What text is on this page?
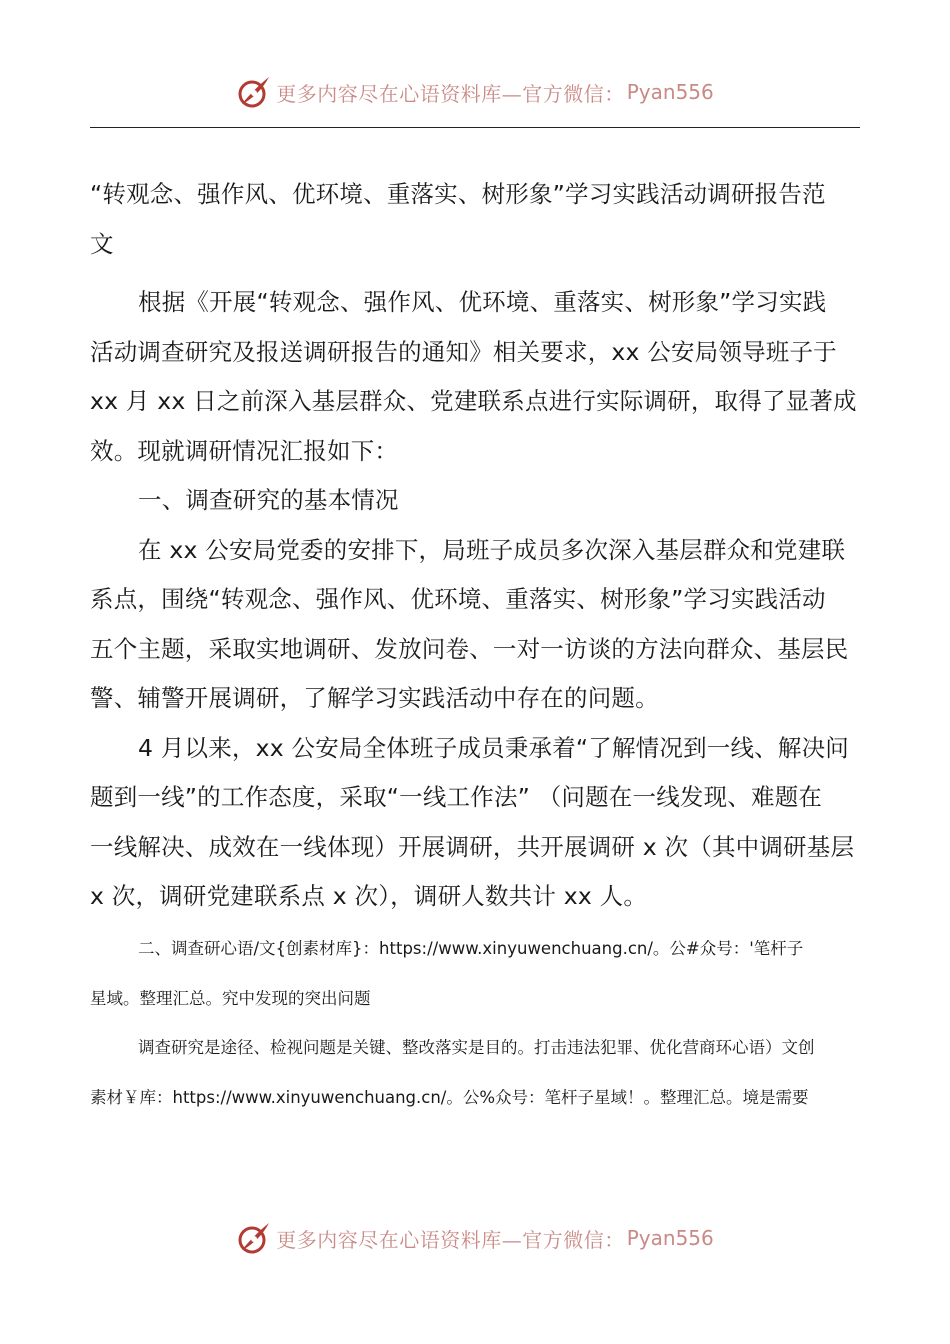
更多内容尽在心语资料库—官方微信： Pyan556
“转观念、强作风、优环境、重落实、树形象”学习实践活动调研报告范
文
根据《开展“转观念、强作风、优环境、重落实、树形象”学习实践
活动调查研究及报送调研报告的通知》相关要求，xx 公安局领导班子于
xx 月 xx 日之前深入基层群众、党建联系点进行实际调研，取得了显著成
效。现就调研情况汇报如下：
一、调查研究的基本情况
在 xx 公安局党委的安排下，局班子成员多次深入基层群众和党建联
系点，围绕“转观念、强作风、优环境、重落实、树形象”学习实践活动
五个主题，采取实地调研、发放问卷、一对一访谈的方法向群众、基层民
警、辅警开展调研，了解学习实践活动中存在的问题。
4 月以来，xx 公安局全体班子成员秉承着“了解情况到一线、解决问
题到一线”的工作态度，采取“一线工作法” （问题在一线发现、难题在
一线解决、成效在一线体现）开展调研，共开展调研 x 次（其中调研基层
x 次，调研党建联系点 x 次），调研人数共计 xx 人。
二、调查研心语/文{创素材库}：https://www.xinyuwenchuang.cn/。公#众号：'笔杆子
星域。整理汇总。究中发现的突出问题
调查研究是途径、检视问题是关键、整改落实是目的。打击违法犯罪、优化营商环心语）文创
素材￥库：https://www.xinyuwenchuang.cn/。公%众号：笔杆子星域！。整理汇总。境是需要
更多内容尽在心语资料库—官方微信： Pyan556
